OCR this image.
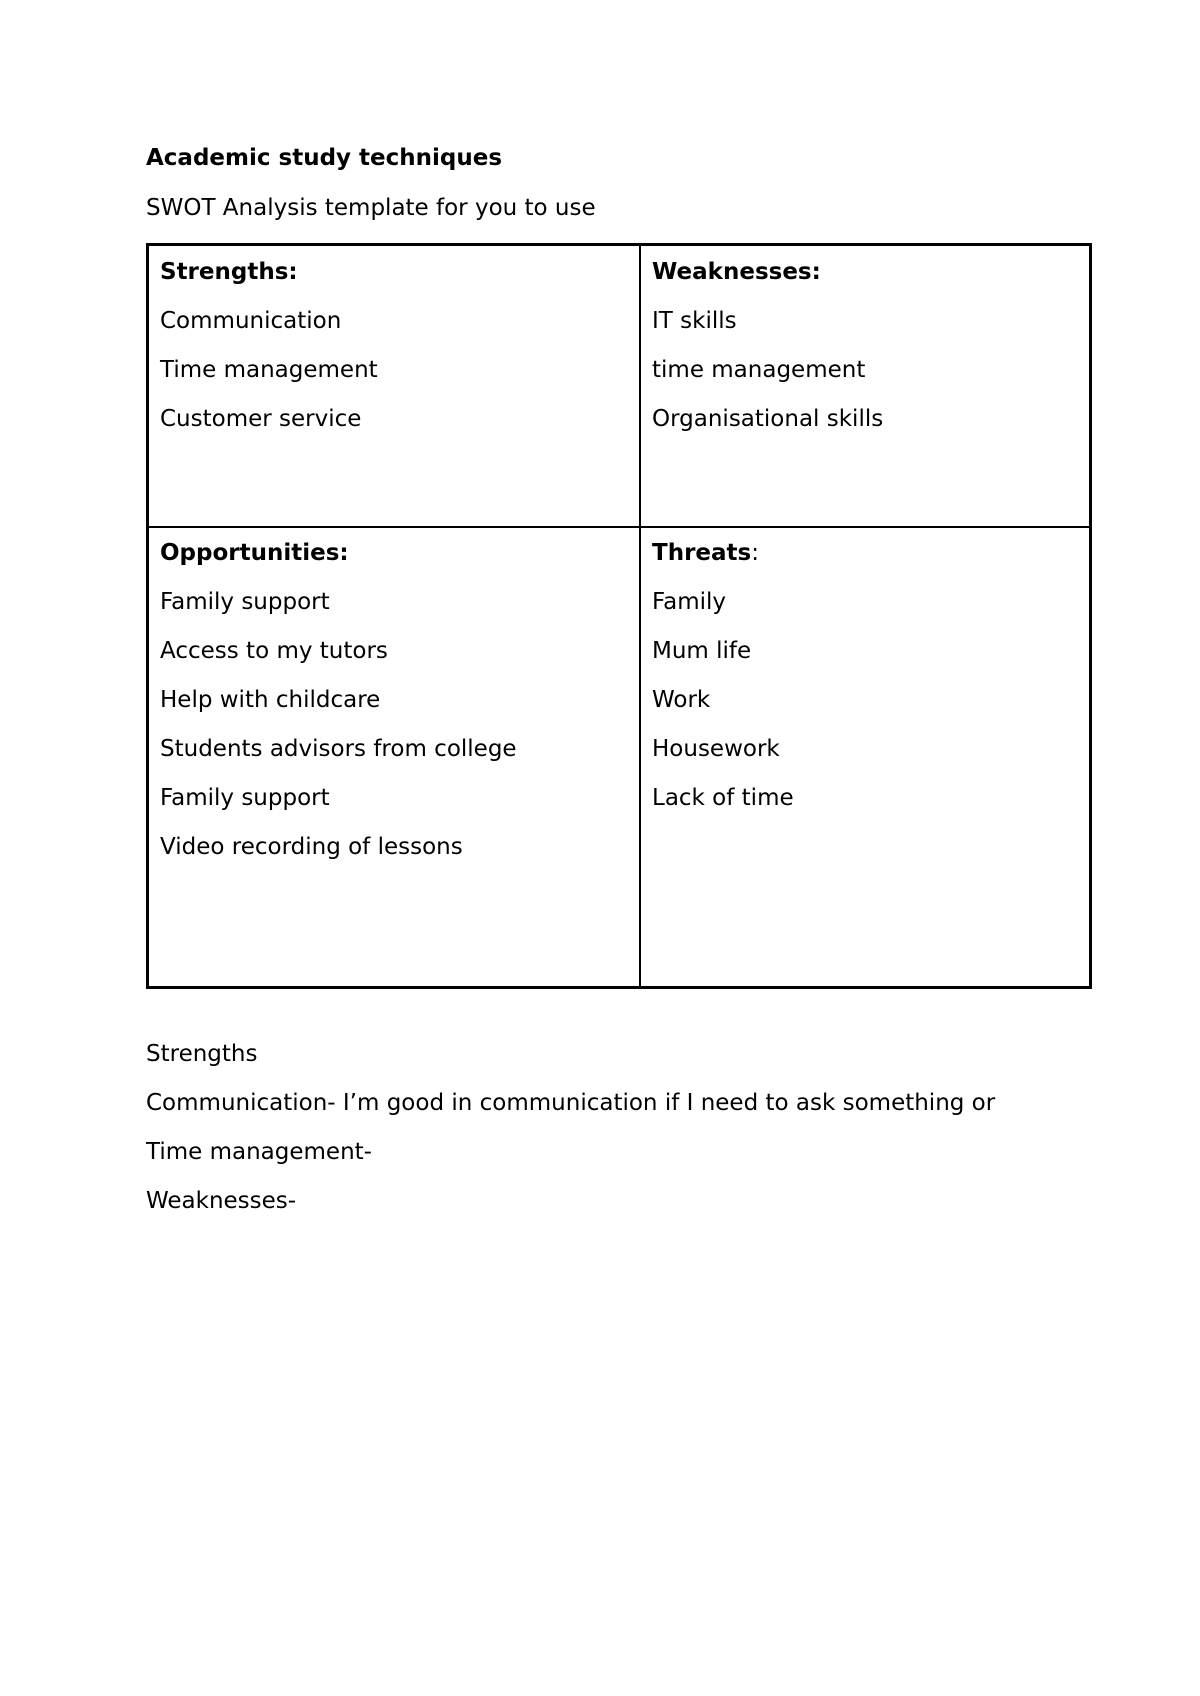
Academic study techniques
SWOT Analysis template for you to use
Strengths:
Communication
Time management
Customer service
Weaknesses:
IT skills
time management
Organisational skills
Opportunities:
Family support
Access to my tutors
Help with childcare
Students advisors from college
Family support
Video recording of lessons
Threats:
Family
Mum life
Work
Housework
Lack of time

Strengths

Communication- I’m good in communication if I need to ask something or

Time management-

Weaknesses-
